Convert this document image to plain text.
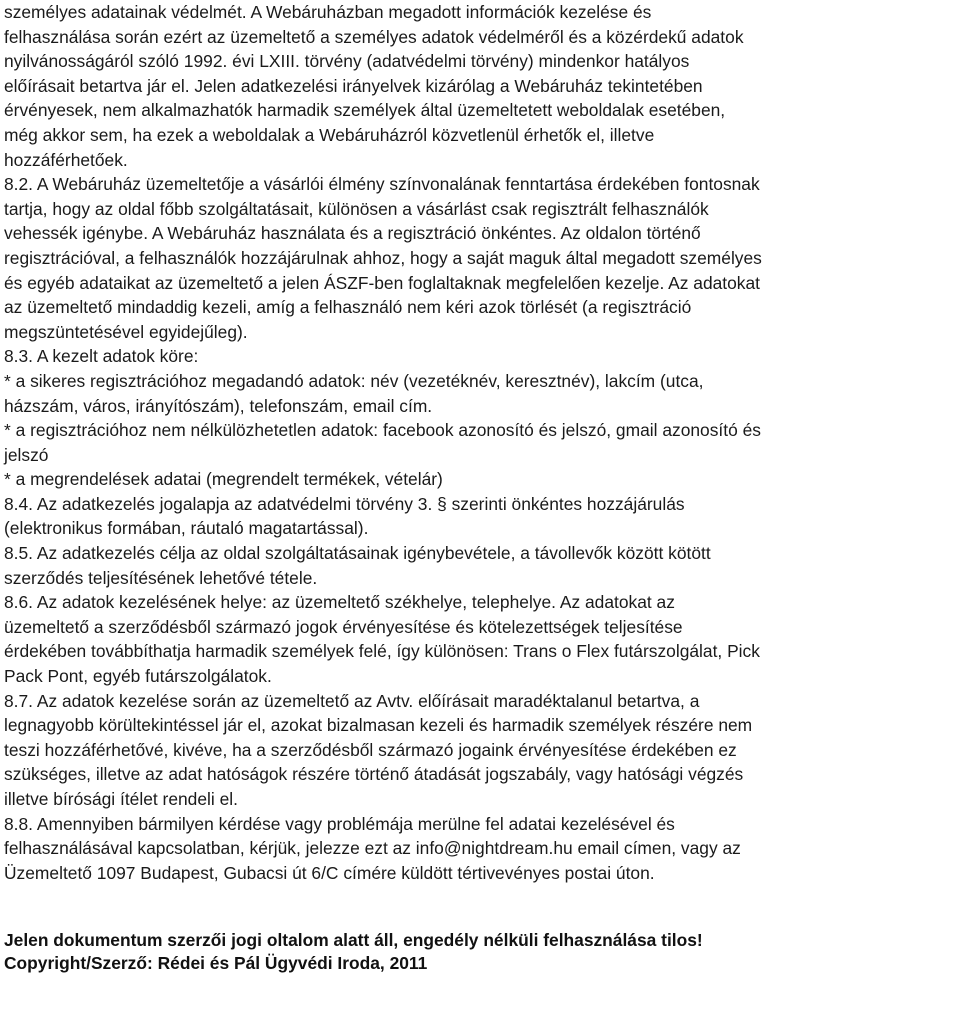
személyes adatainak védelmét. A Webáruházban megadott információk kezelése és

felhasználása során ezért az üzemeltető a személyes adatok védelméről és a közérdekű adatok

nyilvánosságáról szóló 1992. évi LXIII. törvény (adatvédelmi törvény) mindenkor hatályos

előírásait betartva jár el. Jelen adatkezelési irányelvek kizárólag a Webáruház tekintetében

érvényesek, nem alkalmazhatók harmadik személyek által üzemeltetett weboldalak esetében,

még akkor sem, ha ezek a weboldalak a Webáruházról közvetlenül érhetők el, illetve

hozzáférhetőek.

8.2. A Webáruház üzemeltetője a vásárlói élmény színvonalának fenntartása érdekében fontosnak

tartja, hogy az oldal főbb szolgáltatásait, különösen a vásárlást csak regisztrált felhasználók

vehessék igénybe. A Webáruház használata és a regisztráció önkéntes. Az oldalon történő

regisztrációval, a felhasználók hozzájárulnak ahhoz, hogy a saját maguk által megadott személyes

és egyéb adataikat az üzemeltető a jelen ÁSZF-ben foglaltaknak megfelelően kezelje. Az adatokat

az üzemeltető mindaddig kezeli, amíg a felhasználó nem kéri azok törlését (a regisztráció

megszüntetésével egyidejűleg).

8.3. A kezelt adatok köre:

* a sikeres regisztrációhoz megadandó adatok: név (vezetéknév, keresztnév), lakcím (utca,

házszám, város, irányítószám), telefonszám, email cím.

* a regisztrációhoz nem nélkülözhetetlen adatok: facebook azonosító és jelszó, gmail azonosító és

jelszó

* a megrendelések adatai (megrendelt termékek, vételár)

8.4. Az adatkezelés jogalapja az adatvédelmi törvény 3. § szerinti önkéntes hozzájárulás

(elektronikus formában, ráutaló magatartással).

8.5. Az adatkezelés célja az oldal szolgáltatásainak igénybevétele, a távollevők között kötött

szerződés teljesítésének lehetővé tétele.

8.6. Az adatok kezelésének helye: az üzemeltető székhelye, telephelye. Az adatokat az

üzemeltető a szerződésből származó jogok érvényesítése és kötelezettségek teljesítése

érdekében továbbíthatja harmadik személyek felé, így különösen: Trans o Flex futárszolgálat, Pick

Pack Pont, egyéb futárszolgálatok.

8.7. Az adatok kezelése során az üzemeltető az Avtv. előírásait maradéktalanul betartva, a

legnagyobb körültekintéssel jár el, azokat bizalmasan kezeli és harmadik személyek részére nem

teszi hozzáférhetővé, kivéve, ha a szerződésből származó jogaink érvényesítése érdekében ez

szükséges, illetve az adat hatóságok részére történő átadását jogszabály, vagy hatósági végzés

illetve bírósági ítélet rendeli el.

8.8. Amennyiben bármilyen kérdése vagy problémája merülne fel adatai kezelésével és

felhasználásával kapcsolatban, kérjük, jelezze ezt az info@nightdream.hu email címen, vagy az

Üzemeltető 1097 Budapest, Gubacsi út 6/C címére küldött tértivevényes postai úton.

Jelen dokumentum szerzői jogi oltalom alatt áll, engedély nélküli felhasználása tilos!

Copyright/Szerző: Rédei és Pál Ügyvédi Iroda, 2011
